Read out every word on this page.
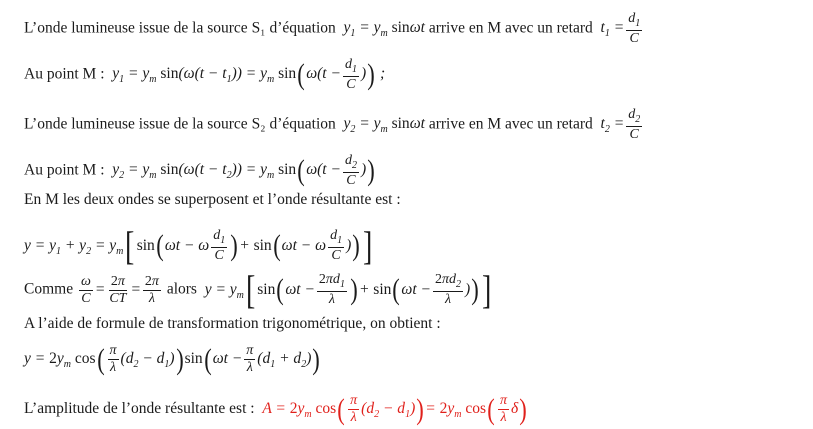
L’onde lumineuse issue de la source S₁ d’équation  $y_1 = y_m$ sinωt arrive en M avec un retard  $t_1 = \frac{d_1}{C}$
Au point M :  $y_1 = y_m$ $\sin(\omega(t - t_1)) = y_m$ $\sin(\omega(t - \frac{d_1}{C}$ )) ;
L’onde lumineuse issue de la source S₂ d’équation  $y_2 = y_m$ sinωt arrive en M avec un retard  $t_2 = \frac{d_2}{C}$
Au point M :  $y_2 = y_m$ $\sin(\omega(t - t_2)) = y_m$ $\sin(\omega(t - \frac{d_2}{C}$ ))
En M les deux ondes se superposent et l’onde résultante est :
$y = y_1 + y_2 = y_m$[ sin(ωt − ω $\frac{d_1}{C}$ )+ sin(ωt − ω $\frac{d_1}{C}$ ))]
Comme $\frac{\omega}{C} = \frac{2\pi}{CT} = \frac{2\pi}{\lambda}$ alors  $y = y_m$[ $\sin(\omega t - \frac{2\pi d_1}{\lambda}$ )+ $\sin(\omega t - \frac{2\pi d_2}{\lambda}$ ))]
A l’aide de formule de transformation trigonométrique, on obtient :
$y = 2y_m$ $\cos( \frac{\pi}{\lambda} (d_2 - d_1))\sin(\omega t - \frac{\pi}{\lambda} (d_1 + d_2))$
L’amplitude de l’onde résultante est :  $A = 2y_m$ $\cos( \frac{\pi}{\lambda} (d_2 - d_1))= 2y_m$ $\cos( \frac{\pi}{\lambda} \delta)$
